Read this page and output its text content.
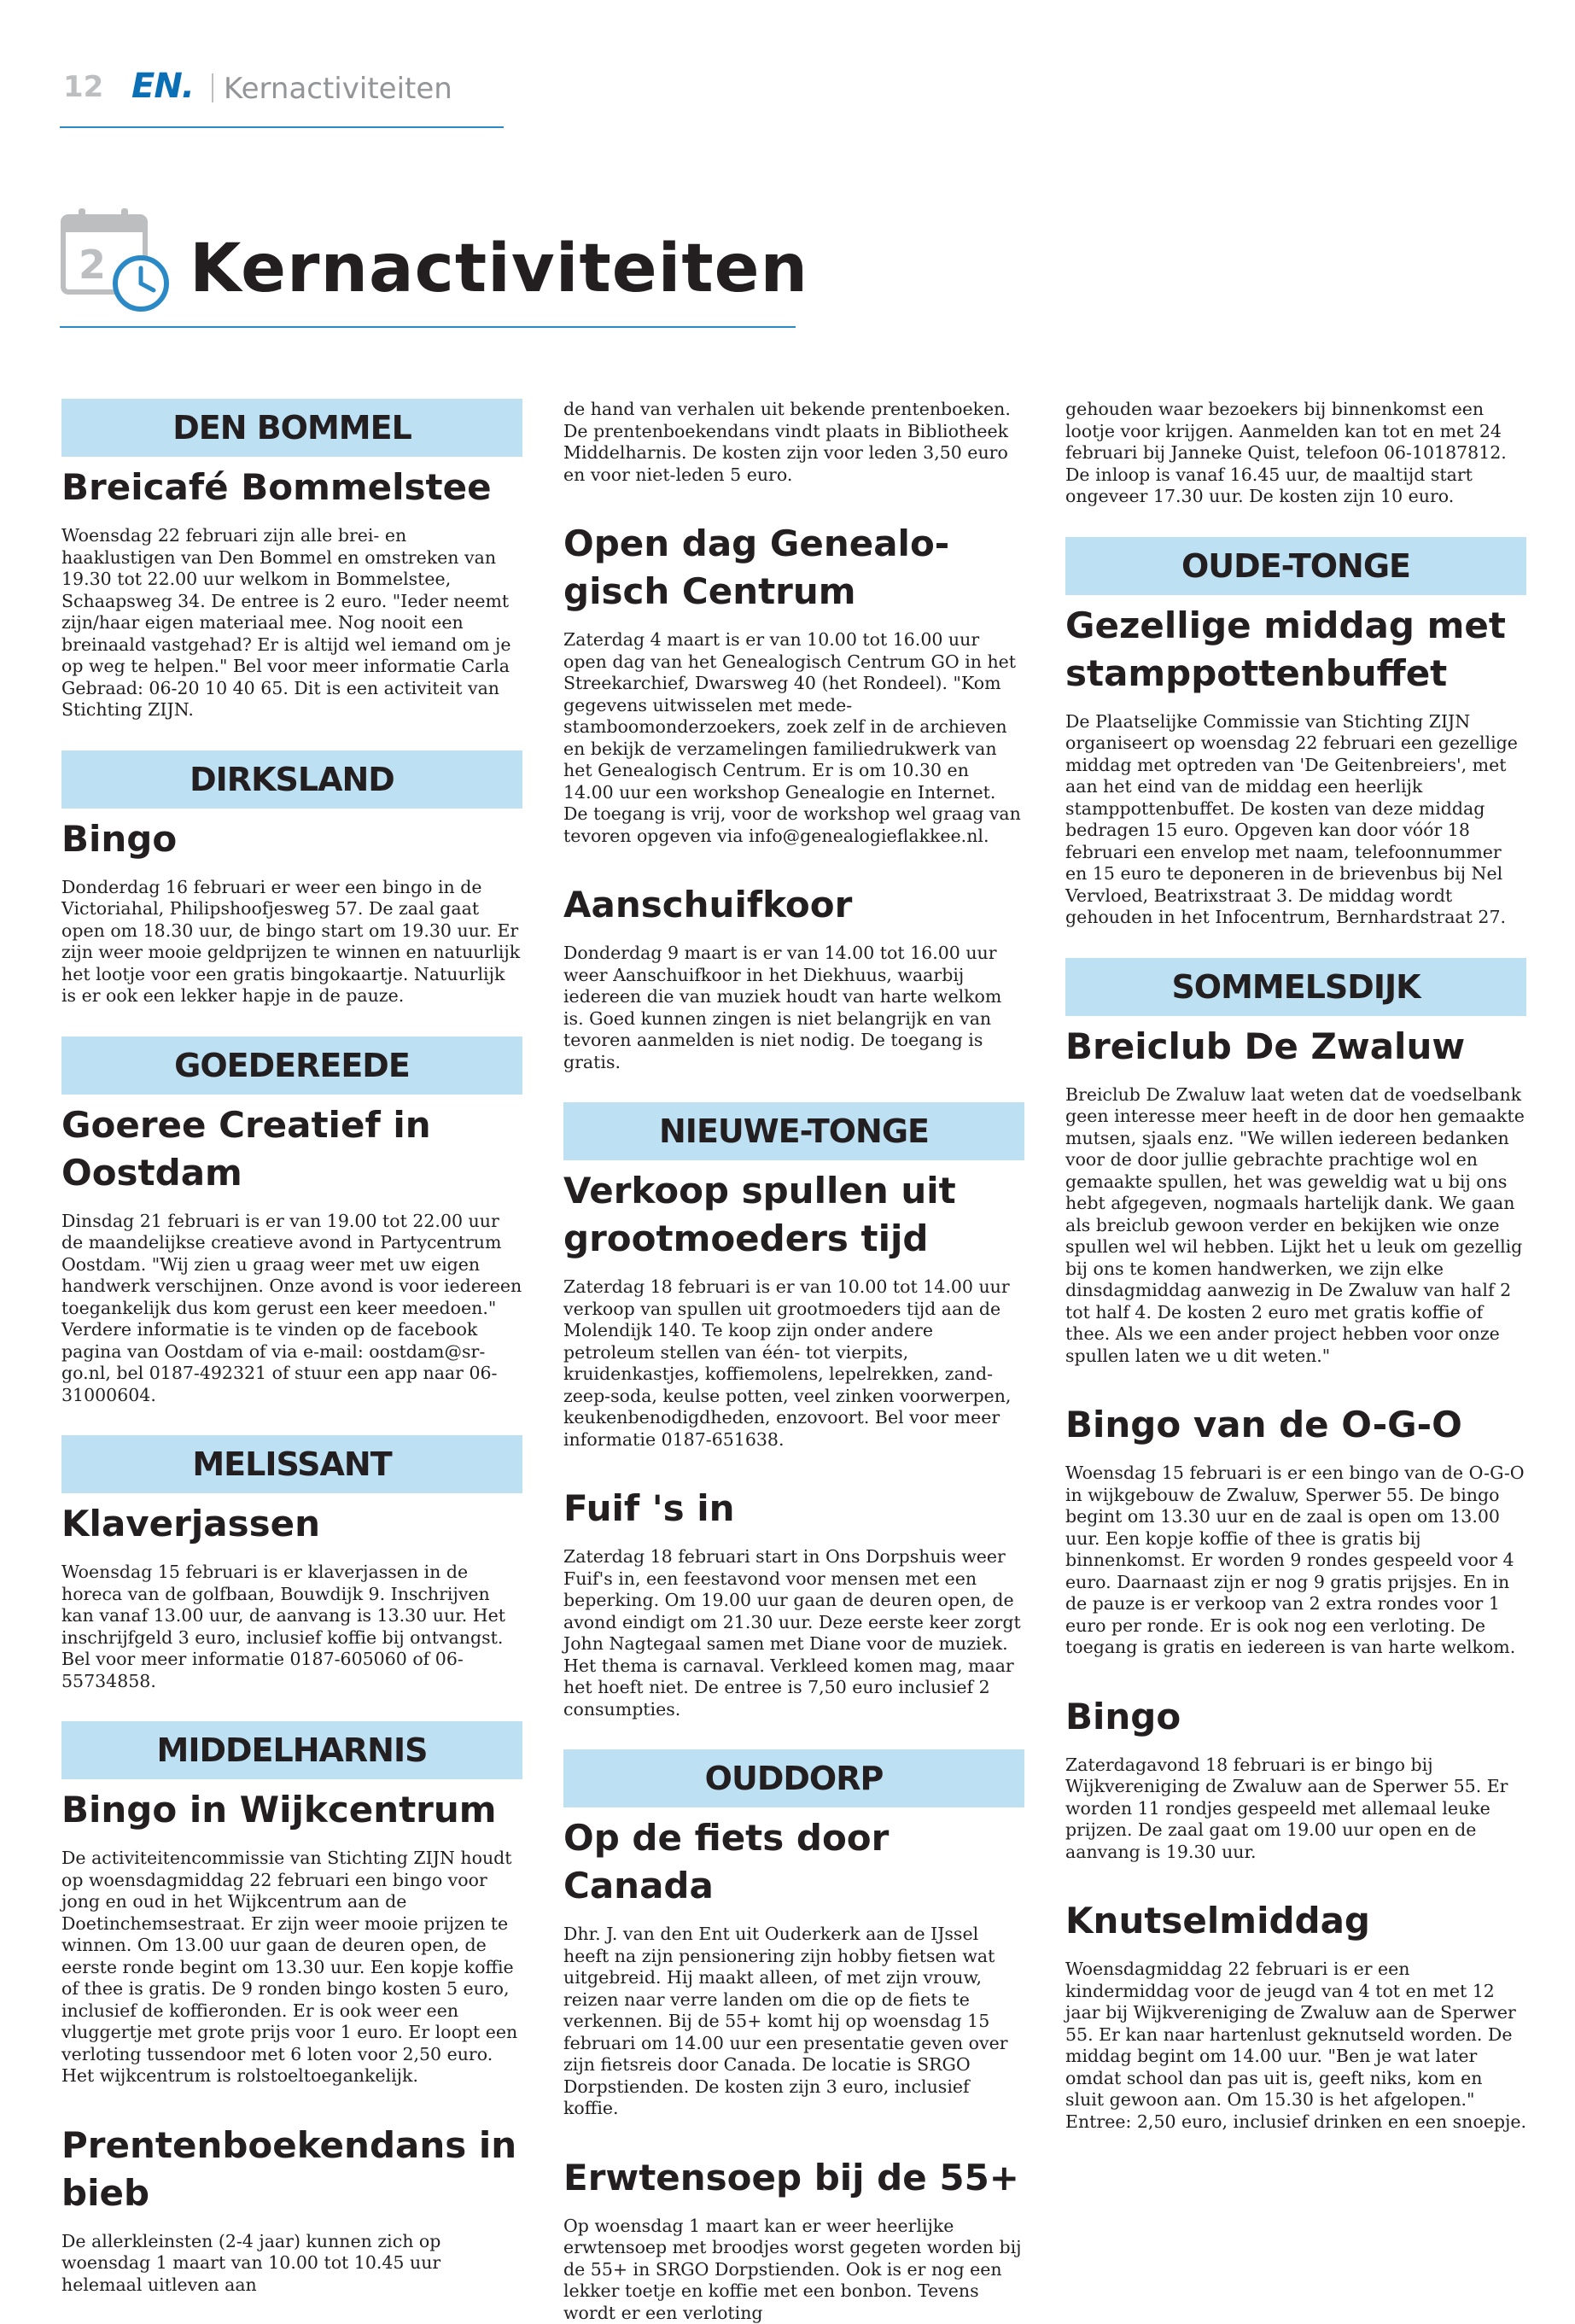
12 EN. Kernactiviteiten
2 Kernactiviteiten
DEN BOMMEL
Breicafé Bommelstee

Woensdag 22 februari zijn alle brei- en haaklustigen van Den Bommel en omstreken van 19.30 tot 22.00 uur welkom in Bommelstee, Schaapsweg 34. De entree is 2 euro. "Ieder neemt zijn/haar eigen materiaal mee. Nog nooit een breinaald vastgehad? Er is altijd wel iemand om je op weg te helpen." Bel voor meer informatie Carla Gebraad: 06-20 10 40 65. Dit is een activiteit van Stichting ZIJN.

DIRKSLAND
Bingo

Donderdag 16 februari er weer een bingo in de Victoriahal, Philipshoofjesweg 57. De zaal gaat open om 18.30 uur, de bingo start om 19.30 uur. Er zijn weer mooie geldprijzen te winnen en natuurlijk het lootje voor een gratis bingokaartje. Natuurlijk is er ook een lekker hapje in de pauze.

GOEDEREEDE
Goeree Creatief in Oostdam

Dinsdag 21 februari is er van 19.00 tot 22.00 uur de maandelijkse creatieve avond in Partycentrum Oostdam. "Wij zien u graag weer met uw eigen handwerk verschijnen. Onze avond is voor iedereen toegankelijk dus kom gerust een keer meedoen." Verdere informatie is te vinden op de facebook pagina van Oostdam of via e-mail: oostdam@sr-go.nl, bel 0187-492321 of stuur een app naar 06-31000604.

MELISSANT
Klaverjassen

Woensdag 15 februari is er klaverjassen in de horeca van de golfbaan, Bouwdijk 9. Inschrijven kan vanaf 13.00 uur, de aanvang is 13.30 uur. Het inschrijfgeld 3 euro, inclusief koffie bij ontvangst. Bel voor meer informatie 0187-605060 of 06-55734858.

MIDDELHARNIS
Bingo in Wijkcentrum

De activiteitencommissie van Stichting ZIJN houdt op woensdagmiddag 22 februari een bingo voor jong en oud in het Wijkcentrum aan de Doetinchemsestraat. Er zijn weer mooie prijzen te winnen. Om 13.00 uur gaan de deuren open, de eerste ronde begint om 13.30 uur. Een kopje koffie of thee is gratis. De 9 ronden bingo kosten 5 euro, inclusief de koffieronden. Er is ook weer een vluggertje met grote prijs voor 1 euro. Er loopt een verloting tussendoor met 6 loten voor 2,50 euro. Het wijkcentrum is rolstoeltoegankelijk.

Prentenboekendans in bieb

De allerkleinsten (2-4 jaar) kunnen zich op woensdag 1 maart van 10.00 tot 10.45 uur helemaal uitleven aan

de hand van verhalen uit bekende prentenboeken. De prentenboekendans vindt plaats in Bibliotheek Middelharnis. De kosten zijn voor leden 3,50 euro en voor niet-leden 5 euro.

Open dag Genealo-gisch Centrum

Zaterdag 4 maart is er van 10.00 tot 16.00 uur open dag van het Genealogisch Centrum GO in het Streekarchief, Dwarsweg 40 (het Rondeel). "Kom gegevens uitwisselen met mede-stamboomonderzoekers, zoek zelf in de archieven en bekijk de verzamelingen familiedrukwerk van het Genealogisch Centrum. Er is om 10.30 en 14.00 uur een workshop Genealogie en Internet. De toegang is vrij, voor de workshop wel graag van tevoren opgeven via info@genealogieflakkee.nl.

Aanschuifkoor

Donderdag 9 maart is er van 14.00 tot 16.00 uur weer Aanschuifkoor in het Diekhuus, waarbij iedereen die van muziek houdt van harte welkom is. Goed kunnen zingen is niet belangrijk en van tevoren aanmelden is niet nodig. De toegang is gratis.

NIEUWE-TONGE
Verkoop spullen uit grootmoeders tijd

Zaterdag 18 februari is er van 10.00 tot 14.00 uur verkoop van spullen uit grootmoeders tijd aan de Molendijk 140. Te koop zijn onder andere petroleum stellen van één- tot vierpits, kruidenkastjes, koffiemolens, lepelrekken, zand-zeep-soda, keulse potten, veel zinken voorwerpen, keukenbenodigdheden, enzovoort. Bel voor meer informatie 0187-651638.

Fuif 's in

Zaterdag 18 februari start in Ons Dorpshuis weer Fuif's in, een feestavond voor mensen met een beperking. Om 19.00 uur gaan de deuren open, de avond eindigt om 21.30 uur. Deze eerste keer zorgt John Nagtegaal samen met Diane voor de muziek. Het thema is carnaval. Verkleed komen mag, maar het hoeft niet. De entree is 7,50 euro inclusief 2 consumpties.

OUDDORP
Op de fiets door Canada

Dhr. J. van den Ent uit Ouderkerk aan de IJssel heeft na zijn pensionering zijn hobby fietsen wat uitgebreid. Hij maakt alleen, of met zijn vrouw, reizen naar verre landen om die op de fiets te verkennen. Bij de 55+ komt hij op woensdag 15 februari om 14.00 uur een presentatie geven over zijn fietsreis door Canada. De locatie is SRGO Dorpstienden. De kosten zijn 3 euro, inclusief koffie.

Erwtensoep bij de 55+

Op woensdag 1 maart kan er weer heerlijke erwtensoep met broodjes worst gegeten worden bij de 55+ in SRGO Dorpstienden. Ook is er nog een lekker toetje en koffie met een bonbon. Tevens wordt er een verloting

gehouden waar bezoekers bij binnenkomst een lootje voor krijgen. Aanmelden kan tot en met 24 februari bij Janneke Quist, telefoon 06-10187812. De inloop is vanaf 16.45 uur, de maaltijd start ongeveer 17.30 uur. De kosten zijn 10 euro.

OUDE-TONGE
Gezellige middag met stamppottenbuffet

De Plaatselijke Commissie van Stichting ZIJN organiseert op woensdag 22 februari een gezellige middag met optreden van 'De Geitenbreiers', met aan het eind van de middag een heerlijk stamppottenbuffet. De kosten van deze middag bedragen 15 euro. Opgeven kan door vóór 18 februari een envelop met naam, telefoonnummer en 15 euro te deponeren in de brievenbus bij Nel Vervloed, Beatrixstraat 3. De middag wordt gehouden in het Infocentrum, Bernhardstraat 27.

SOMMELSDIJK
Breiclub De Zwaluw

Breiclub De Zwaluw laat weten dat de voedselbank geen interesse meer heeft in de door hen gemaakte mutsen, sjaals enz. "We willen iedereen bedanken voor de door jullie gebrachte prachtige wol en gemaakte spullen, het was geweldig wat u bij ons hebt afgegeven, nogmaals hartelijk dank. We gaan als breiclub gewoon verder en bekijken wie onze spullen wel wil hebben. Lijkt het u leuk om gezellig bij ons te komen handwerken, we zijn elke dinsdagmiddag aanwezig in De Zwaluw van half 2 tot half 4. De kosten 2 euro met gratis koffie of thee. Als we een ander project hebben voor onze spullen laten we u dit weten."

Bingo van de O-G-O

Woensdag 15 februari is er een bingo van de O-G-O in wijkgebouw de Zwaluw, Sperwer 55. De bingo begint om 13.30 uur en de zaal is open om 13.00 uur. Een kopje koffie of thee is gratis bij binnenkomst. Er worden 9 rondes gespeeld voor 4 euro. Daarnaast zijn er nog 9 gratis prijsjes. En in de pauze is er verkoop van 2 extra rondes voor 1 euro per ronde. Er is ook nog een verloting. De toegang is gratis en iedereen is van harte welkom.

Bingo

Zaterdagavond 18 februari is er bingo bij Wijkvereniging de Zwaluw aan de Sperwer 55. Er worden 11 rondjes gespeeld met allemaal leuke prijzen. De zaal gaat om 19.00 uur open en de aanvang is 19.30 uur.

Knutselmiddag

Woensdagmiddag 22 februari is er een kindermiddag voor de jeugd van 4 tot en met 12 jaar bij Wijkvereniging de Zwaluw aan de Sperwer 55. Er kan naar hartenlust geknutseld worden. De middag begint om 14.00 uur. "Ben je wat later omdat school dan pas uit is, geeft niks, kom en sluit gewoon aan. Om 15.30 is het afgelopen." Entree: 2,50 euro, inclusief drinken en een snoepje.
